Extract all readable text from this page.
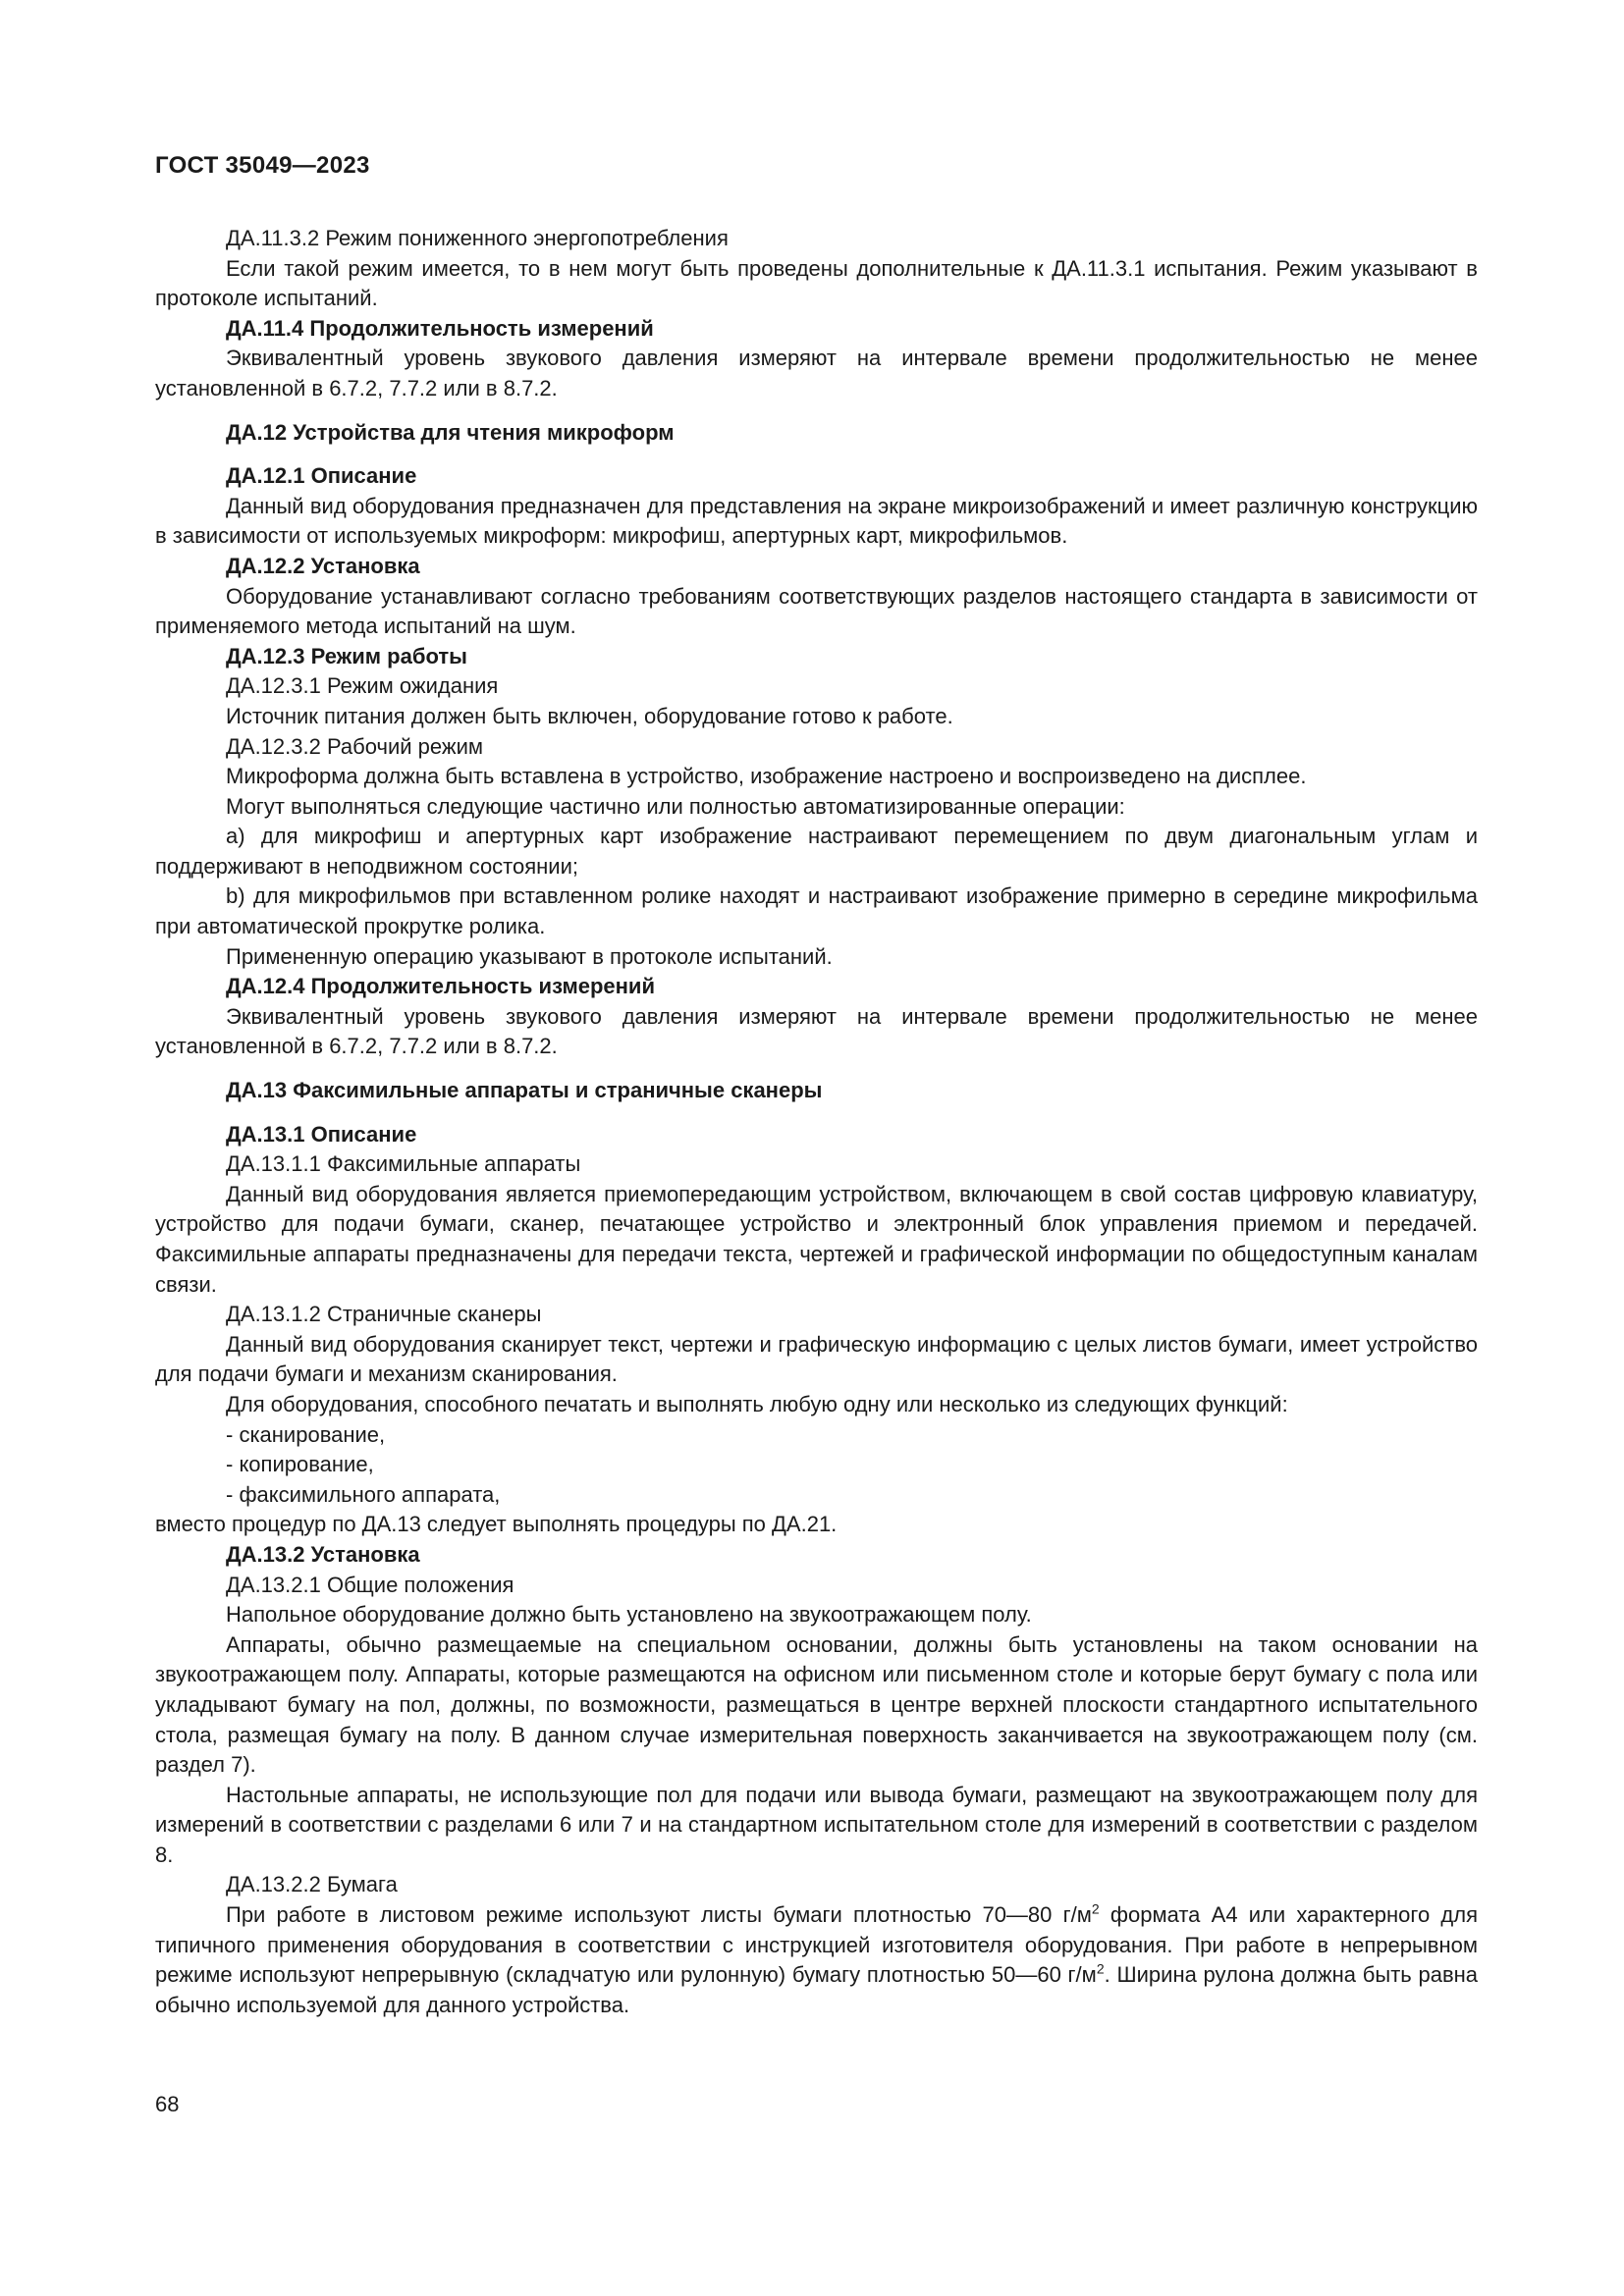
ГОСТ 35049—2023

ДА.11.3.2 Режим пониженного энергопотребления

Если такой режим имеется, то в нем могут быть проведены дополнительные к ДА.11.3.1 испытания. Режим указывают в протоколе испытаний.

ДА.11.4 Продолжительность измерений

Эквивалентный уровень звукового давления измеряют на интервале времени продолжительностью не менее установленной в 6.7.2, 7.7.2 или в 8.7.2.

ДА.12 Устройства для чтения микроформ

ДА.12.1 Описание

Данный вид оборудования предназначен для представления на экране микроизображений и имеет различную конструкцию в зависимости от используемых микроформ: микрофиш, апертурных карт, микрофильмов.

ДА.12.2 Установка

Оборудование устанавливают согласно требованиям соответствующих разделов настоящего стандарта в зависимости от применяемого метода испытаний на шум.

ДА.12.3 Режим работы

ДА.12.3.1 Режим ожидания

Источник питания должен быть включен, оборудование готово к работе.

ДА.12.3.2 Рабочий режим

Микроформа должна быть вставлена в устройство, изображение настроено и воспроизведено на дисплее.

Могут выполняться следующие частично или полностью автоматизированные операции:

a) для микрофиш и апертурных карт изображение настраивают перемещением по двум диагональным углам и поддерживают в неподвижном состоянии;

b) для микрофильмов при вставленном ролике находят и настраивают изображение примерно в середине микрофильма при автоматической прокрутке ролика.

Примененную операцию указывают в протоколе испытаний.

ДА.12.4 Продолжительность измерений

Эквивалентный уровень звукового давления измеряют на интервале времени продолжительностью не менее установленной в 6.7.2, 7.7.2 или в 8.7.2.

ДА.13 Факсимильные аппараты и страничные сканеры

ДА.13.1 Описание

ДА.13.1.1 Факсимильные аппараты

Данный вид оборудования является приемопередающим устройством, включающем в свой состав цифровую клавиатуру, устройство для подачи бумаги, сканер, печатающее устройство и электронный блок управления приемом и передачей. Факсимильные аппараты предназначены для передачи текста, чертежей и графической информации по общедоступным каналам связи.

ДА.13.1.2 Страничные сканеры

Данный вид оборудования сканирует текст, чертежи и графическую информацию с целых листов бумаги, имеет устройство для подачи бумаги и механизм сканирования.

Для оборудования, способного печатать и выполнять любую одну или несколько из следующих функций:

- сканирование,

- копирование,

- факсимильного аппарата,

вместо процедур по ДА.13 следует выполнять процедуры по ДА.21.

ДА.13.2 Установка

ДА.13.2.1 Общие положения

Напольное оборудование должно быть установлено на звукоотражающем полу.

Аппараты, обычно размещаемые на специальном основании, должны быть установлены на таком основании на звукоотражающем полу. Аппараты, которые размещаются на офисном или письменном столе и которые берут бумагу с пола или укладывают бумагу на пол, должны, по возможности, размещаться в центре верхней плоскости стандартного испытательного стола, размещая бумагу на полу. В данном случае измерительная поверхность заканчивается на звукоотражающем полу (см. раздел 7).

Настольные аппараты, не использующие пол для подачи или вывода бумаги, размещают на звукоотражающем полу для измерений в соответствии с разделами 6 или 7 и на стандартном испытательном столе для измерений в соответствии с разделом 8.

ДА.13.2.2 Бумага

При работе в листовом режиме используют листы бумаги плотностью 70—80 $г/м^2$ формата А4 или характерного для типичного применения оборудования в соответствии с инструкцией изготовителя оборудования. При работе в непрерывном режиме используют непрерывную (складчатую или рулонную) бумагу плотностью 50—60 $г/м^2$. Ширина рулона должна быть равна обычно используемой для данного устройства.

68
